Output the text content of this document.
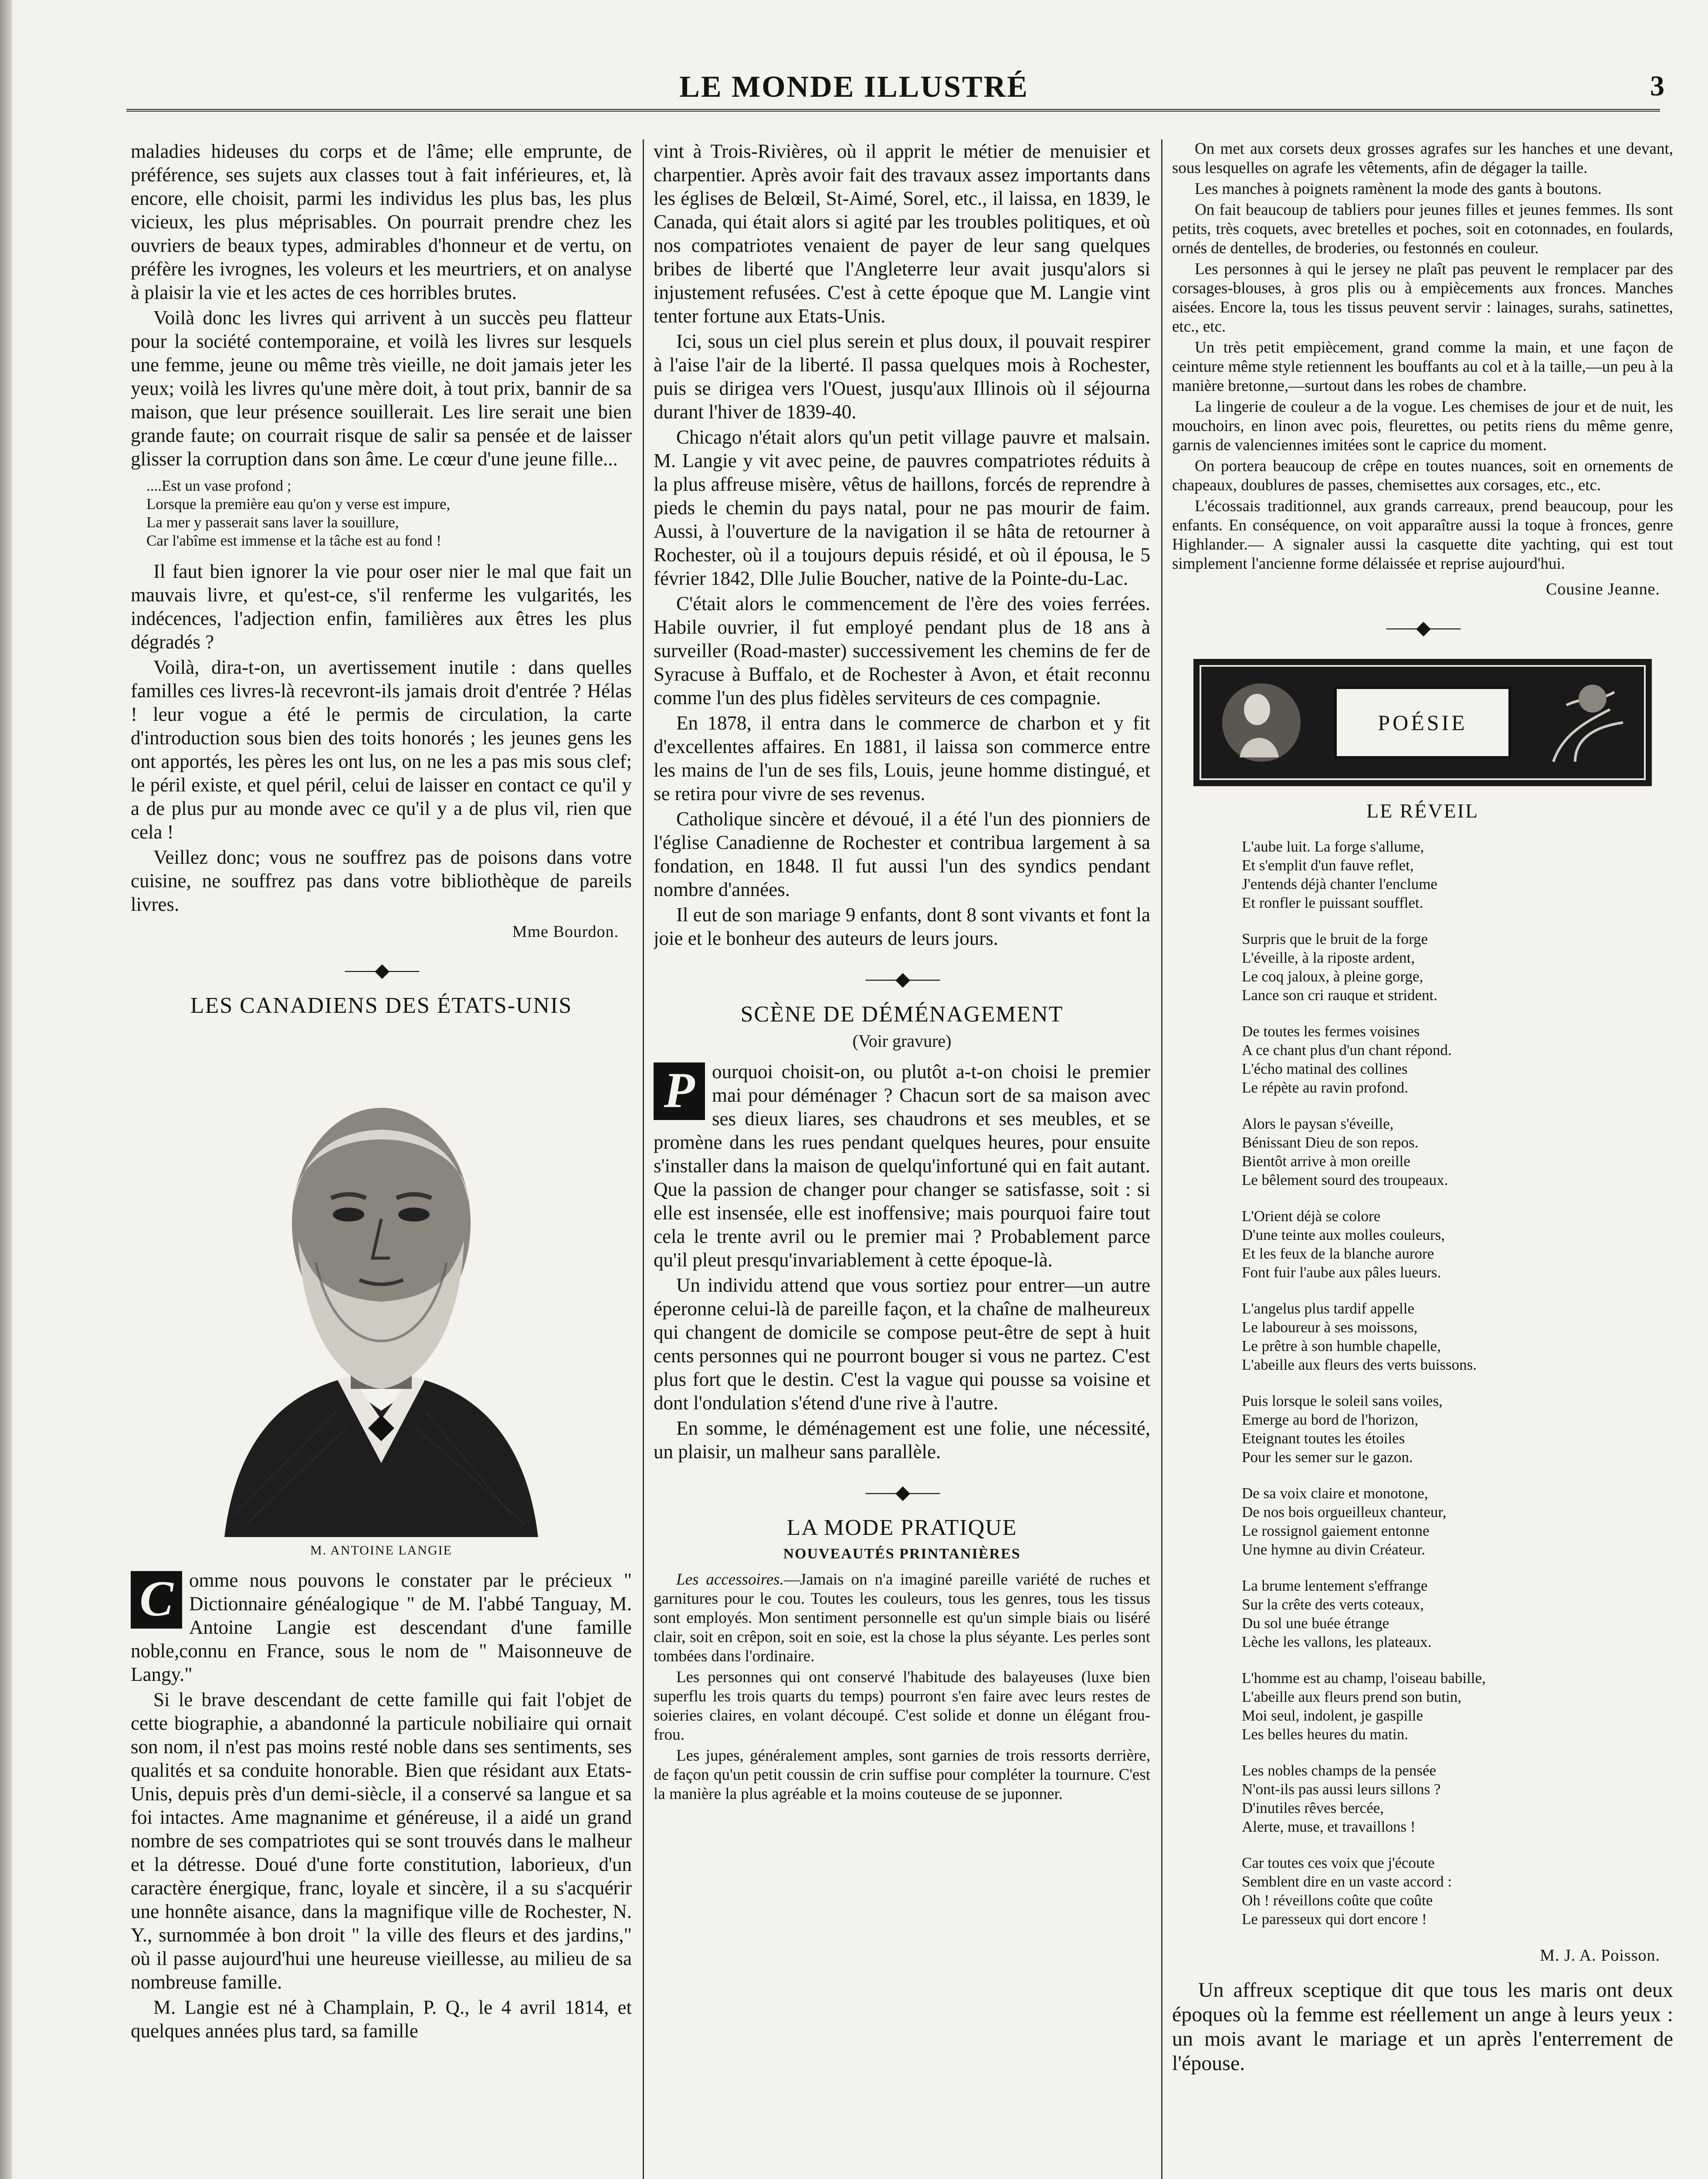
LE MONDE ILLUSTRÉ	3

maladies hideuses du corps et de l'âme; elle emprunte, de préférence, ses sujets aux classes tout à fait inférieures, et, là encore, elle choisit, parmi les individus les plus bas, les plus vicieux, les plus méprisables. On pourrait prendre chez les ouvriers de beaux types, admirables d'honneur et de vertu, on préfère les ivrognes, les voleurs et les meurtriers, et on analyse à plaisir la vie et les actes de ces horribles brutes.

Voilà donc les livres qui arrivent à un succès peu flatteur pour la société contemporaine, et voilà les livres sur lesquels une femme, jeune ou même très vieille, ne doit jamais jeter les yeux; voilà les livres qu'une mère doit, à tout prix, bannir de sa maison, que leur présence souillerait. Les lire serait une bien grande faute; on courrait risque de salir sa pensée et de laisser glisser la corruption dans son âme. Le cœur d'une jeune fille...

....Est un vase profond ;
Lorsque la première eau qu'on y verse est impure,
La mer y passerait sans laver la souillure,
Car l'abîme est immense et la tâche est au fond !

Il faut bien ignorer la vie pour oser nier le mal que fait un mauvais livre, et qu'est-ce, s'il renferme les vulgarités, les indécences, l'adjection enfin, familières aux êtres les plus dégradés ?

Voilà, dira-t-on, un avertissement inutile : dans quelles familles ces livres-là recevront-ils jamais droit d'entrée ? Hélas ! leur vogue a été le permis de circulation, la carte d'introduction sous bien des toits honorés ; les jeunes gens les ont apportés, les pères les ont lus, on ne les a pas mis sous clef; le péril existe, et quel péril, celui de laisser en contact ce qu'il y a de plus pur au monde avec ce qu'il y a de plus vil, rien que cela !

Veillez donc; vous ne souffrez pas de poisons dans votre cuisine, ne souffrez pas dans votre bibliothèque de pareils livres.

Mme Bourdon.
⸺◆⸺
LES CANADIENS DES ÉTATS-UNIS
M. ANTOINE LANGIE
C omme nous pouvons le constater par le précieux " Dictionnaire généalogique " de M. l'abbé Tanguay, M. Antoine Langie est descendant d'une famille noble,connu en France, sous le nom de " Maisonneuve de Langy."

Si le brave descendant de cette famille qui fait l'objet de cette biographie, a abandonné la particule nobiliaire qui ornait son nom, il n'est pas moins resté noble dans ses sentiments, ses qualités et sa conduite honorable. Bien que résidant aux Etats-Unis, depuis près d'un demi-siècle, il a conservé sa langue et sa foi intactes. Ame magnanime et généreuse, il a aidé un grand nombre de ses compatriotes qui se sont trouvés dans le malheur et la détresse. Doué d'une forte constitution, laborieux, d'un caractère énergique, franc, loyale et sincère, il a su s'acquérir une honnête aisance, dans la magnifique ville de Rochester, N. Y., surnommée à bon droit " la ville des fleurs et des jardins," où il passe aujourd'hui une heureuse vieillesse, au milieu de sa nombreuse famille.

M. Langie est né à Champlain, P. Q., le 4 avril 1814, et quelques années plus tard, sa famille

vint à Trois-Rivières, où il apprit le métier de menuisier et charpentier. Après avoir fait des travaux assez importants dans les églises de Belœil, St-Aimé, Sorel, etc., il laissa, en 1839, le Canada, qui était alors si agité par les troubles politiques, et où nos compatriotes venaient de payer de leur sang quelques bribes de liberté que l'Angleterre leur avait jusqu'alors si injustement refusées. C'est à cette époque que M. Langie vint tenter fortune aux Etats-Unis.

Ici, sous un ciel plus serein et plus doux, il pouvait respirer à l'aise l'air de la liberté. Il passa quelques mois à Rochester, puis se dirigea vers l'Ouest, jusqu'aux Illinois où il séjourna durant l'hiver de 1839-40.

Chicago n'était alors qu'un petit village pauvre et malsain. M. Langie y vit avec peine, de pauvres compatriotes réduits à la plus affreuse misère, vêtus de haillons, forcés de reprendre à pieds le chemin du pays natal, pour ne pas mourir de faim. Aussi, à l'ouverture de la navigation il se hâta de retourner à Rochester, où il a toujours depuis résidé, et où il épousa, le 5 février 1842, Dlle Julie Boucher, native de la Pointe-du-Lac.

C'était alors le commencement de l'ère des voies ferrées. Habile ouvrier, il fut employé pendant plus de 18 ans à surveiller (Road-master) successivement les chemins de fer de Syracuse à Buffalo, et de Rochester à Avon, et était reconnu comme l'un des plus fidèles serviteurs de ces compagnie.

En 1878, il entra dans le commerce de charbon et y fit d'excellentes affaires. En 1881, il laissa son commerce entre les mains de l'un de ses fils, Louis, jeune homme distingué, et se retira pour vivre de ses revenus.

Catholique sincère et dévoué, il a été l'un des pionniers de l'église Canadienne de Rochester et contribua largement à sa fondation, en 1848. Il fut aussi l'un des syndics pendant nombre d'années.

Il eut de son mariage 9 enfants, dont 8 sont vivants et font la joie et le bonheur des auteurs de leurs jours.

⸺◆⸺
SCÈNE DE DÉMÉNAGEMENT
(Voir gravure)
P ourquoi choisit-on, ou plutôt a-t-on choisi le premier mai pour déménager ? Chacun sort de sa maison avec ses dieux liares, ses chaudrons et ses meubles, et se promène dans les rues pendant quelques heures, pour ensuite s'installer dans la maison de quelqu'infortuné qui en fait autant. Que la passion de changer pour changer se satisfasse, soit : si elle est insensée, elle est inoffensive; mais pourquoi faire tout cela le trente avril ou le premier mai ? Probablement parce qu'il pleut presqu'invariablement à cette époque-là.

Un individu attend que vous sortiez pour entrer—un autre éperonne celui-là de pareille façon, et la chaîne de malheureux qui changent de domicile se compose peut-être de sept à huit cents personnes qui ne pourront bouger si vous ne partez. C'est plus fort que le destin. C'est la vague qui pousse sa voisine et dont l'ondulation s'étend d'une rive à l'autre.

En somme, le déménagement est une folie, une nécessité, un plaisir, un malheur sans parallèle.

⸺◆⸺
LA MODE PRATIQUE
NOUVEAUTÉS PRINTANIÈRES

Les accessoires.—Jamais on n'a imaginé pareille variété de ruches et garnitures pour le cou. Toutes les couleurs, tous les genres, tous les tissus sont employés. Mon sentiment personnelle est qu'un simple biais ou liséré clair, soit en crêpon, soit en soie, est la chose la plus séyante. Les perles sont tombées dans l'ordinaire.

Les personnes qui ont conservé l'habitude des balayeuses (luxe bien superflu les trois quarts du temps) pourront s'en faire avec leurs restes de soieries claires, en volant découpé. C'est solide et donne un élégant frou-frou.

Les jupes, généralement amples, sont garnies de trois ressorts derrière, de façon qu'un petit coussin de crin suffise pour compléter la tournure. C'est la manière la plus agréable et la moins couteuse de se juponner.

On met aux corsets deux grosses agrafes sur les hanches et une devant, sous lesquelles on agrafe les vêtements, afin de dégager la taille.

Les manches à poignets ramènent la mode des gants à boutons.

On fait beaucoup de tabliers pour jeunes filles et jeunes femmes. Ils sont petits, très coquets, avec bretelles et poches, soit en cotonnades, en foulards, ornés de dentelles, de broderies, ou festonnés en couleur.

Les personnes à qui le jersey ne plaît pas peuvent le remplacer par des corsages-blouses, à gros plis ou à empiècements aux fronces. Manches aisées. Encore la, tous les tissus peuvent servir : lainages, surahs, satinettes, etc., etc.

Un très petit empiècement, grand comme la main, et une façon de ceinture même style retiennent les bouffants au col et à la taille,—un peu à la manière bretonne,—surtout dans les robes de chambre.

La lingerie de couleur a de la vogue. Les chemises de jour et de nuit, les mouchoirs, en linon avec pois, fleurettes, ou petits riens du même genre, garnis de valenciennes imitées sont le caprice du moment.

On portera beaucoup de crêpe en toutes nuances, soit en ornements de chapeaux, doublures de passes, chemisettes aux corsages, etc., etc.

L'écossais traditionnel, aux grands carreaux, prend beaucoup, pour les enfants. En conséquence, on voit apparaître aussi la toque à fronces, genre Highlander.— A signaler aussi la casquette dite yachting, qui est tout simplement l'ancienne forme délaissée et reprise aujourd'hui.

Cousine Jeanne.
⸺◆⸺
POÉSIE
LE RÉVEIL
L'aube luit. La forge s'allume,
Et s'emplit d'un fauve reflet,
J'entends déjà chanter l'enclume
Et ronfler le puissant soufflet.
Surpris que le bruit de la forge
L'éveille, à la riposte ardent,
Le coq jaloux, à pleine gorge,
Lance son cri rauque et strident.
De toutes les fermes voisines
A ce chant plus d'un chant répond.
L'écho matinal des collines
Le répète au ravin profond.
Alors le paysan s'éveille,
Bénissant Dieu de son repos.
Bientôt arrive à mon oreille
Le bêlement sourd des troupeaux.
L'Orient déjà se colore
D'une teinte aux molles couleurs,
Et les feux de la blanche aurore
Font fuir l'aube aux pâles lueurs.
L'angelus plus tardif appelle
Le laboureur à ses moissons,
Le prêtre à son humble chapelle,
L'abeille aux fleurs des verts buissons.
Puis lorsque le soleil sans voiles,
Emerge au bord de l'horizon,
Eteignant toutes les étoiles
Pour les semer sur le gazon.
De sa voix claire et monotone,
De nos bois orgueilleux chanteur,
Le rossignol gaiement entonne
Une hymne au divin Créateur.
La brume lentement s'effrange
Sur la crête des verts coteaux,
Du sol une buée étrange
Lèche les vallons, les plateaux.
L'homme est au champ, l'oiseau babille,
L'abeille aux fleurs prend son butin,
Moi seul, indolent, je gaspille
Les belles heures du matin.
Les nobles champs de la pensée
N'ont-ils pas aussi leurs sillons ?
D'inutiles rêves bercée,
Alerte, muse, et travaillons !
Car toutes ces voix que j'écoute
Semblent dire en un vaste accord :
Oh ! réveillons coûte que coûte
Le paresseux qui dort encore !
M. J. A. Poisson.

Un affreux sceptique dit que tous les maris ont deux époques où la femme est réellement un ange à leurs yeux : un mois avant le mariage et un après l'enterrement de l'épouse.
